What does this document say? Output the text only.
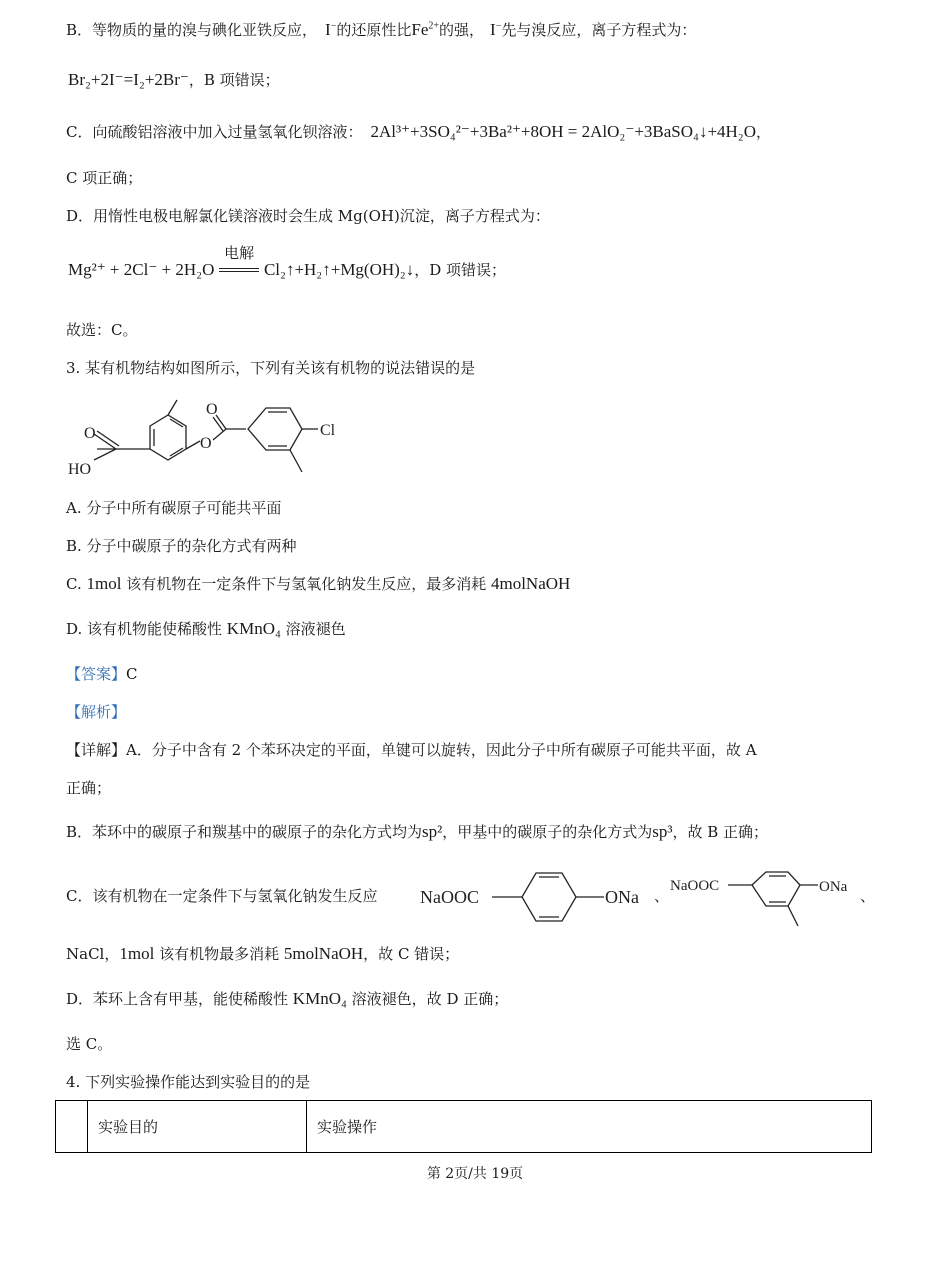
B．等物质的量的溴与碘化亚铁反应， I−的还原性比$Fe^{2+}$的强， I−先与溴反应，离子方程式为：
Br₂+2I⁻=I₂+2Br⁻，B 项错误；
C．向硫酸铝溶液中加入过量氢氧化钡溶液： 2Al³⁺+3SO₄²⁻+3Ba²⁺+8OH = 2AlO₂⁻+3BaSO₄↓+4H₂O，
C 项正确；
D．用惰性电极电解氯化镁溶液时会生成 Mg(OH)沉淀，离子方程式为：
Mg²⁺ + 2Cl⁻ + 2H₂O
电解
Cl₂↑+H₂↑+Mg(OH)₂↓，D 项错误；
故选：C。
3. 某有机物结构如图所示，下列有关该有机物的说法错误的是
O
HO
O
O
Cl
A. 分子中所有碳原子可能共平面
B. 分子中碳原子的杂化方式有两种
C. 1mol 该有机物在一定条件下与氢氧化钠发生反应，最多消耗 4molNaOH
D. 该有机物能使稀酸性 KMnO₄ 溶液褪色
【答案】C
【解析】
【详解】A．分子中含有 2 个苯环决定的平面，单键可以旋转，因此分子中所有碳原子可能共平面，故 A
正确；
B．苯环中的碳原子和羰基中的碳原子的杂化方式均为sp²，甲基中的碳原子的杂化方式为sp³，故 B 正确；
C．该有机物在一定条件下与氢氧化钠发生反应 NaOOC	ONa 、
NaOOC	ONa 、
NaCl，1mol 该有机物最多消耗 5molNaOH，故 C 错误；
D．苯环上含有甲基，能使稀酸性 KMnO₄ 溶液褪色，故 D 正确；
选 C。
4. 下列实验操作能达到实验目的的是
	实验目的	实验操作
第 2页/共 19页
